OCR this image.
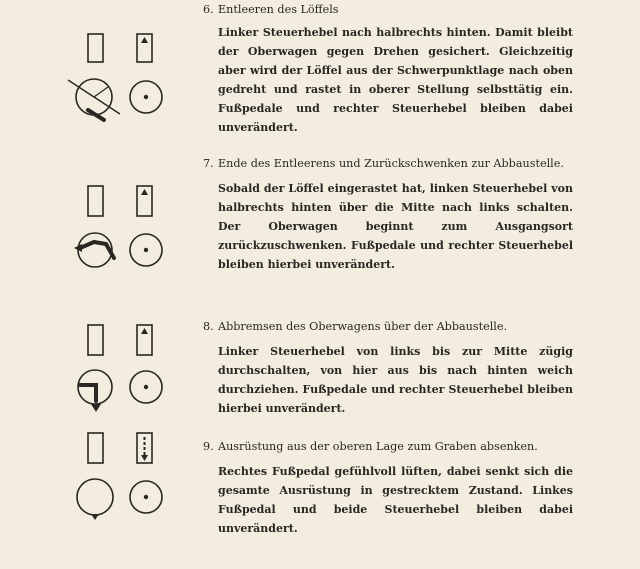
6. Entleeren des Löffels

Linker Steuerhebel nach halbrechts hinten. Damit bleibt der Oberwagen gegen Drehen gesichert. Gleichzeitig aber wird der Löffel aus der Schwerpunktlage nach oben gedreht und rastet in oberer Stellung selbsttätig ein. Fußpedale und rechter Steuerhebel bleiben dabei unverändert.

7. Ende des Entleerens und Zurückschwenken zur Abbaustelle.

Sobald der Löffel eingerastet hat, linken Steuerhebel von halbrechts hinten über die Mitte nach links schalten. Der Oberwagen beginnt zum Ausgangsort zurückzuschwenken. Fußpedale und rechter Steuerhebel bleiben hierbei unverändert.

8. Abbremsen des Oberwagens über der Abbaustelle.

Linker Steuerhebel von links bis zur Mitte zügig durchschalten, von hier aus bis nach hinten weich durchziehen. Fußpedale und rechter Steuerhebel bleiben hierbei unverändert.

9. Ausrüstung aus der oberen Lage zum Graben absenken.

Rechtes Fußpedal gefühlvoll lüften, dabei senkt sich die gesamte Ausrüstung in gestrecktem Zustand. Linkes Fußpedal und beide Steuerhebel bleiben dabei unverändert.
